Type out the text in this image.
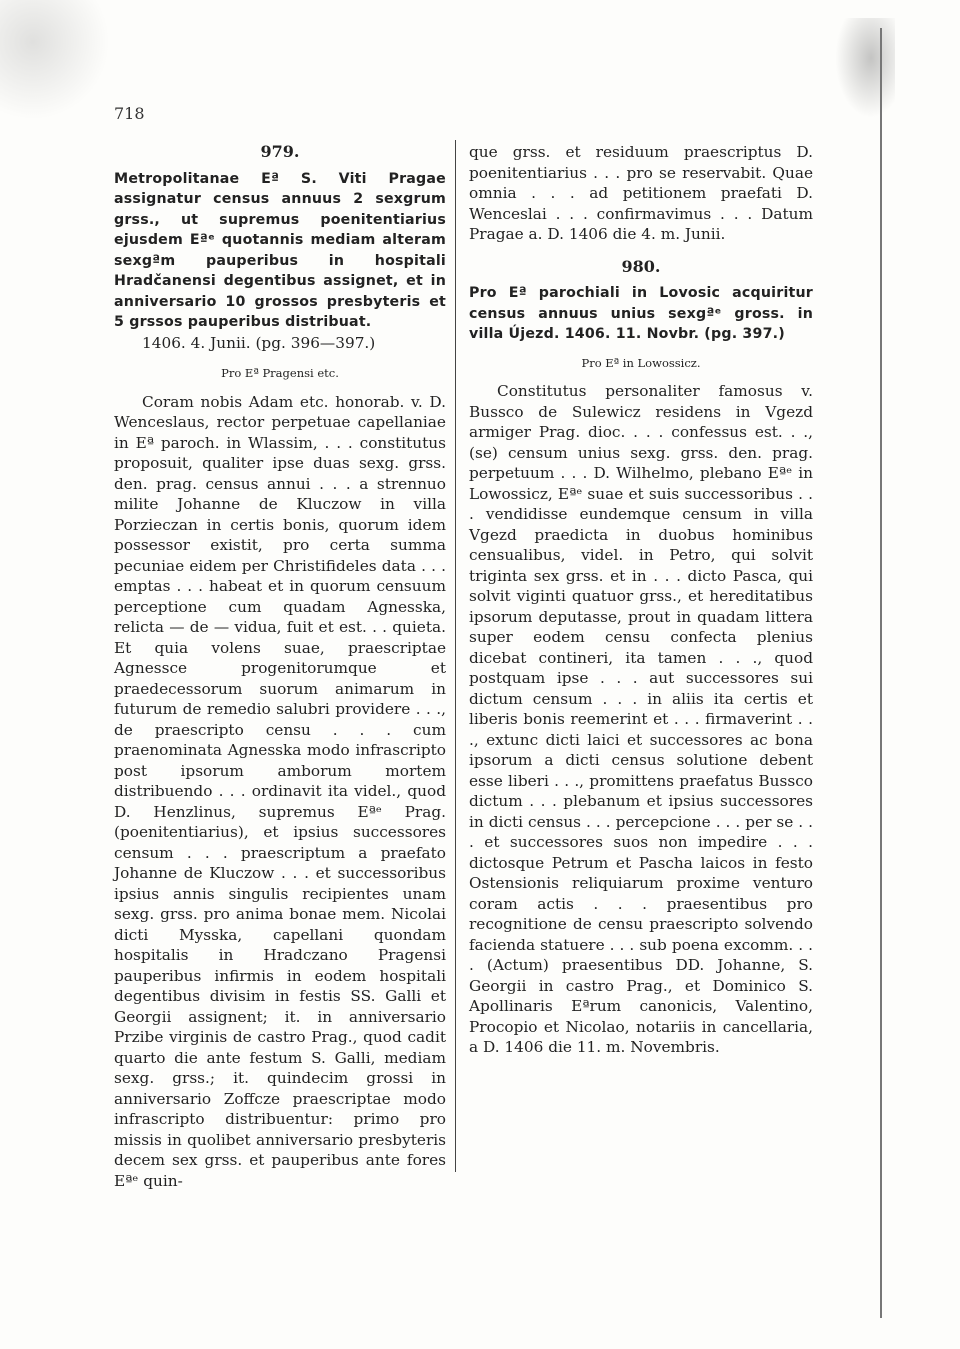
718
979.

Metropolitanae Eª S. Viti Pragae assignatur census annuus 2 sexgrum grss., ut supremus poenitentiarius ejusdem Eªᵉ quotannis mediam alteram sexgªm pauperibus in hospitali Hradčanensi degentibus assignet, et in anniversario 10 grossos presbyteris et 5 grssos pauperibus distribuat.

1406. 4. Junii. (pg. 396—397.)

Pro Eª Pragensi etc.

Coram nobis Adam etc. honorab. v. D. Wenceslaus, rector perpetuae capellaniae in Eª paroch. in Wlassim, . . . constitutus proposuit, qualiter ipse duas sexg. grss. den. prag. census annui . . . a strennuo milite Johanne de Kluczow in villa Porzieczan in certis bonis, quorum idem possessor existit, pro certa summa pecuniae eidem per Christifideles data . . . emptas . . . habeat et in quorum censuum perceptione cum quadam Agnesska, relicta — de — vidua, fuit et est. . . quieta. Et quia volens suae, praescriptae Agnessce progenitorumque et praedecessorum suorum animarum in futurum de remedio salubri providere . . ., de praescripto censu . . . cum praenominata Agnesska modo infrascripto post ipsorum amborum mortem distribuendo . . . ordinavit ita videl., quod D. Henzlinus, supremus Eªᵉ Prag. (poenitentiarius), et ipsius successores censum . . . praescriptum a praefato Johanne de Kluczow . . . et successoribus ipsius annis singulis recipientes unam sexg. grss. pro anima bonae mem. Nicolai dicti Mysska, capellani quondam hospitalis in Hradczano Pragensi pauperibus infirmis in eodem hospitali degentibus divisim in festis SS. Galli et Georgii assignent; it. in anniversario Przibe virginis de castro Prag., quod cadit quarto die ante festum S. Galli, mediam sexg. grss.; it. quindecim grossi in anniversario Zoffcze praescriptae modo infrascripto distribuentur: primo pro missis in quolibet anniversario presbyteris decem sex grss. et pauperibus ante fores Eªᵉ quin-

que grss. et residuum praescriptus D. poenitentiarius . . . pro se reservabit. Quae omnia . . . ad petitionem praefati D. Wenceslai . . . confirmavimus . . . Datum Pragae a. D. 1406 die 4. m. Junii.

980.

Pro Eª parochiali in Lovosic acquiritur census annuus unius sexgªᵉ gross. in villa Újezd. 1406. 11. Novbr. (pg. 397.)

Pro Eª in Lowossicz.

Constitutus personaliter famosus v. Bussco de Sulewicz residens in Vgezd armiger Prag. dioc. . . . confessus est. . ., (se) censum unius sexg. grss. den. prag. perpetuum . . . D. Wilhelmo, plebano Eªᵉ in Lowossicz, Eªᵉ suae et suis successoribus . . . vendidisse eundemque censum in villa Vgezd praedicta in duobus hominibus censualibus, videl. in Petro, qui solvit triginta sex grss. et in . . . dicto Pasca, qui solvit viginti quatuor grss., et hereditatibus ipsorum deputasse, prout in quadam littera super eodem censu confecta plenius dicebat contineri, ita tamen . . ., quod postquam ipse . . . aut successores sui dictum censum . . . in aliis ita certis et liberis bonis reemerint et . . . firmaverint . . ., extunc dicti laici et successores ac bona ipsorum a dicti census solutione debent esse liberi . . ., promittens praefatus Bussco dictum . . . plebanum et ipsius successores in dicti census . . . percepcione . . . per se . . . et successores suos non impedire . . . dictosque Petrum et Pascha laicos in festo Ostensionis reliquiarum proxime venturo coram actis . . . praesentibus pro recognitione de censu praescripto solvendo facienda statuere . . . sub poena excomm. . . . (Actum) praesentibus DD. Johanne, S. Georgii in castro Prag., et Dominico S. Apollinaris Eªrum canonicis, Valentino, Procopio et Nicolao, notariis in cancellaria, a D. 1406 die 11. m. Novembris.
